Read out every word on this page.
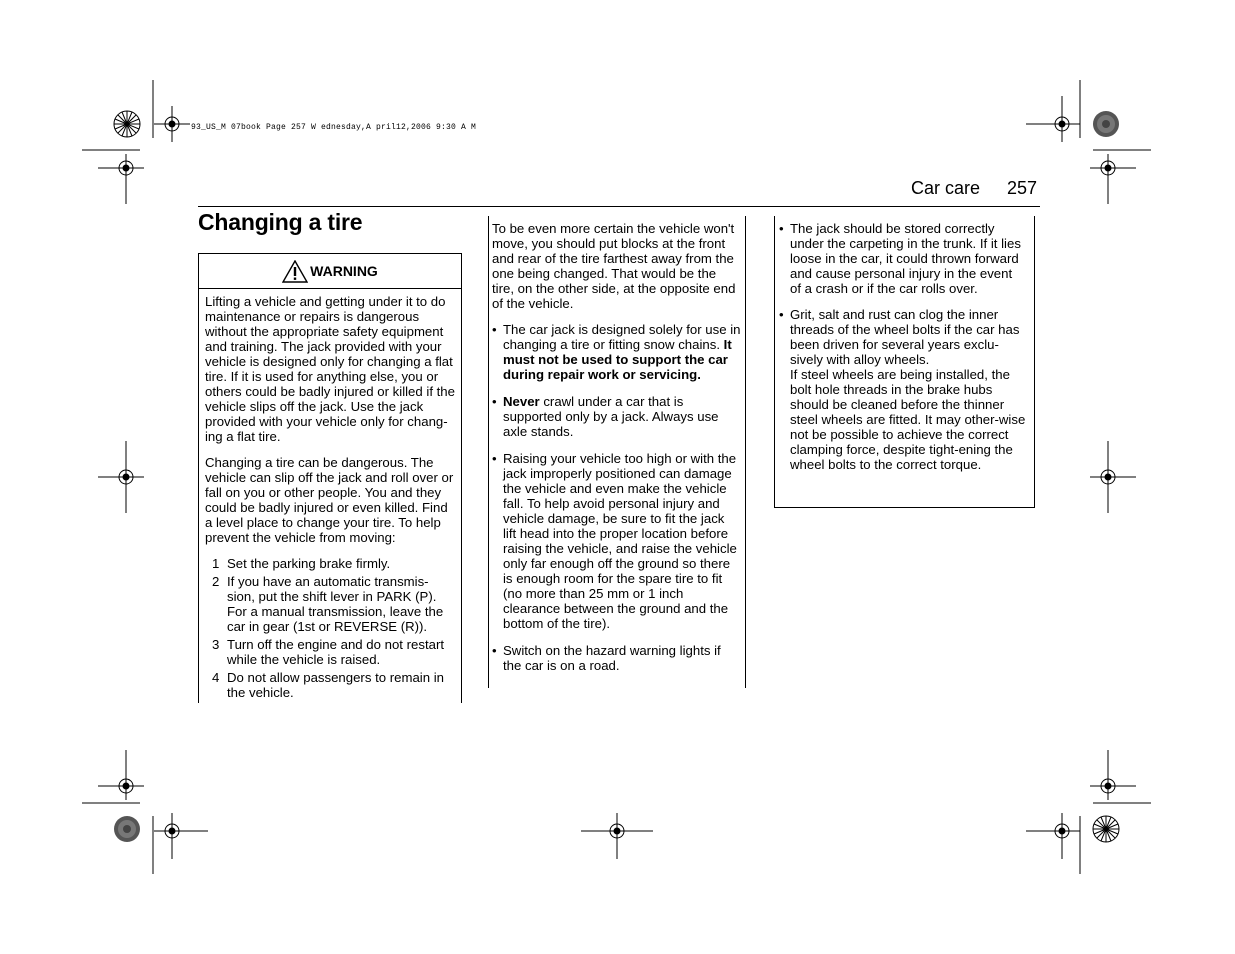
93_US_M 07book Page 257 W ednesday,A pril12,2006 9:30 A M
Car care 257
Changing a tire
WARNING

Lifting a vehicle and getting under it to do maintenance or repairs is dangerous without the appropriate safety equipment and training. The jack provided with your vehicle is designed only for changing a flat tire. If it is used for anything else, you or others could be badly injured or killed if the vehicle slips off the jack. Use the jack provided with your vehicle only for chang-ing a flat tire.

Changing a tire can be dangerous. The vehicle can slip off the jack and roll over or fall on you or other people. You and they could be badly injured or even killed. Find a level place to change your tire. To help prevent the vehicle from moving:

1 Set the parking brake firmly.
2 If you have an automatic transmis-sion, put the shift lever in PARK (P). For a manual transmission, leave the car in gear (1st or REVERSE (R)).
3 Turn off the engine and do not restart while the vehicle is raised.
4 Do not allow passengers to remain in the vehicle.

To be even more certain the vehicle won't move, you should put blocks at the front and rear of the tire farthest away from the one being changed. That would be the tire, on the other side, at the opposite end of the vehicle.

• The car jack is designed solely for use in changing a tire or fitting snow chains. It must not be used to support the car during repair work or servicing.
• Never crawl under a car that is supported only by a jack. Always use axle stands.
• Raising your vehicle too high or with the jack improperly positioned can damage the vehicle and even make the vehicle fall. To help avoid personal injury and vehicle damage, be sure to fit the jack lift head into the proper location before raising the vehicle, and raise the vehicle only far enough off the ground so there is enough room for the spare tire to fit (no more than 25 mm or 1 inch clearance between the ground and the bottom of the tire).
• Switch on the hazard warning lights if the car is on a road.
• The jack should be stored correctly under the carpeting in the trunk. If it lies loose in the car, it could thrown forward and cause personal injury in the event of a crash or if the car rolls over.

• Grit, salt and rust can clog the inner threads of the wheel bolts if the car has been driven for several years exclu-sively with alloy wheels.

If steel wheels are being installed, the bolt hole threads in the brake hubs should be cleaned before the thinner steel wheels are fitted. It may other-wise not be possible to achieve the correct clamping force, despite tight-ening the wheel bolts to the correct torque.
